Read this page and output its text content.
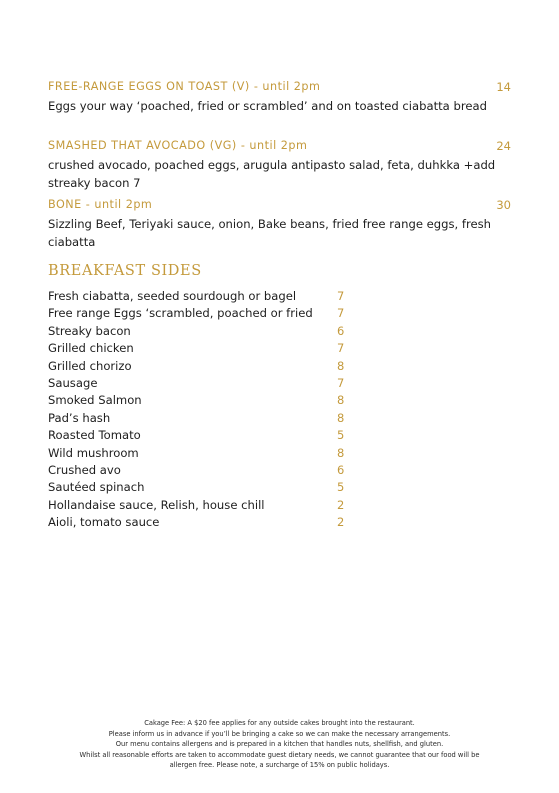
FREE-RANGE EGGS ON TOAST (V) - until 2pm	14
Eggs your way ‘poached, fried or scrambled’ and on toasted ciabatta bread
SMASHED THAT AVOCADO (VG) - until 2pm	24
crushed avocado, poached eggs, arugula antipasto salad, feta, duhkka +add streaky bacon 7
BONE - until 2pm	30
Sizzling Beef, Teriyaki sauce, onion, Bake beans, fried free range eggs, fresh ciabatta
BREAKFAST SIDES
Fresh ciabatta, seeded sourdough or bagel	7
Free range Eggs ‘scrambled, poached or fried 7
Streaky bacon	6
Grilled chicken	7
Grilled chorizo	8
Sausage	7
Smoked Salmon	8
Pad’s hash	8
Roasted Tomato	5
Wild mushroom	8
Crushed avo	6
Sautéed spinach	5
Hollandaise sauce, Relish, house chill	2
Aioli, tomato sauce	2
Cakage Fee: A $20 fee applies for any outside cakes brought into the restaurant.
Please inform us in advance if you’ll be bringing a cake so we can make the necessary arrangements.
Our menu contains allergens and is prepared in a kitchen that handles nuts, shellfish, and gluten.
Whilst all reasonable efforts are taken to accommodate guest dietary needs, we cannot guarantee that our food will be
allergen free. Please note, a surcharge of 15% on public holidays.
